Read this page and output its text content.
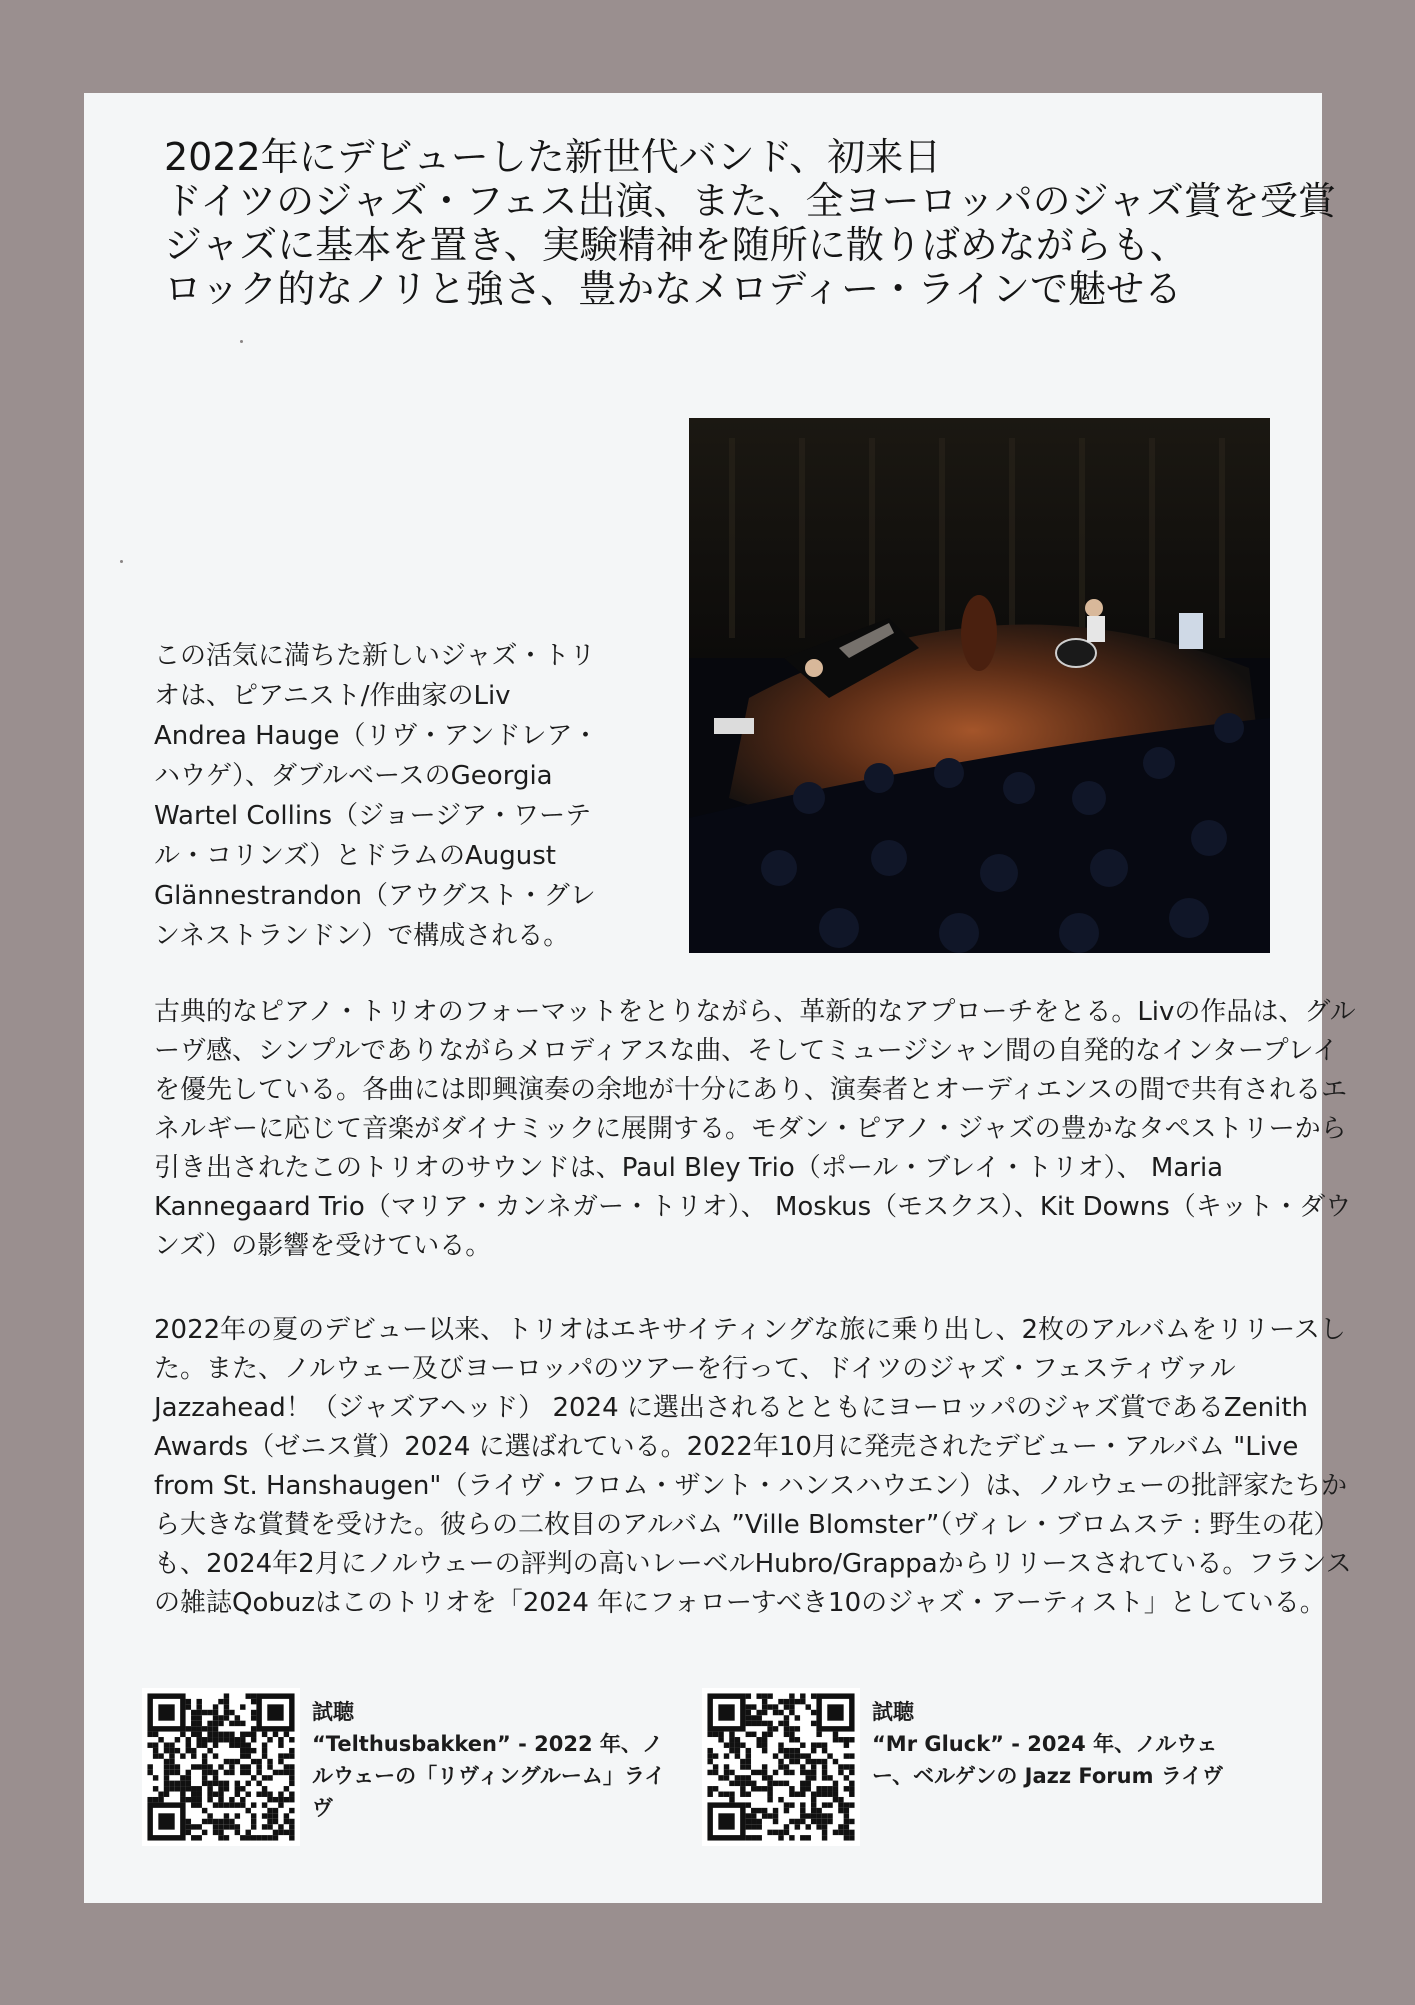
2022年にデビューした新世代バンド、初来日
ドイツのジャズ・フェス出演、また、全ヨーロッパのジャズ賞を受賞
ジャズに基本を置き、実験精神を随所に散りばめながらも、
ロック的なノリと強さ、豊かなメロディー・ラインで魅せる
この活気に満ちた新しいジャズ・トリオは、ピアニスト/作曲家のLiv Andrea Hauge（リヴ・アンドレア・ハウゲ）、ダブルベースのGeorgia Wartel Collins（ジョージア・ワーテル・コリンズ）とドラムのAugust Glännestrandon（アウグスト・グレンネストランドン）で構成される。
古典的なピアノ・トリオのフォーマットをとりながら、革新的なアプローチをとる。Livの作品は、グルーヴ感、シンプルでありながらメロディアスな曲、そしてミュージシャン間の自発的なインタープレイを優先している。各曲には即興演奏の余地が十分にあり、演奏者とオーディエンスの間で共有されるエネルギーに応じて音楽がダイナミックに展開する。モダン・ピアノ・ジャズの豊かなタペストリーから引き出されたこのトリオのサウンドは、Paul Bley Trio（ポール・ブレイ・トリオ）、 Maria Kannegaard Trio（マリア・カンネガー・トリオ）、 Moskus（モスクス）、Kit Downs（キット・ダウンズ）の影響を受けている。
2022年の夏のデビュー以来、トリオはエキサイティングな旅に乗り出し、2枚のアルバムをリリースした。また、ノルウェー及びヨーロッパのツアーを行って、ドイツのジャズ・フェスティヴァル Jazzahead！（ジャズアヘッド） 2024 に選出されるとともにヨーロッパのジャズ賞であるZenith Awards（ゼニス賞）2024 に選ばれている。2022年10月に発売されたデビュー・アルバム "Live from St. Hanshaugen"（ライヴ・フロム・ザント・ハンスハウエン）は、ノルウェーの批評家たちから大きな賞賛を受けた。彼らの二枚目のアルバム ”Ville Blomster”（ヴィレ・ブロムステ : 野生の花）も、2024年2月にノルウェーの評判の高いレーベルHubro/Grappaからリリースされている。フランスの雑誌Qobuzはこのトリオを「2024 年にフォローすべき10のジャズ・アーティスト」としている。
試聴
“Telthusbakken” - 2022 年、ノルウェーの「リヴィングルーム」ライヴ
試聴
“Mr Gluck” - 2024 年、ノルウェー、ベルゲンの Jazz Forum ライヴ
